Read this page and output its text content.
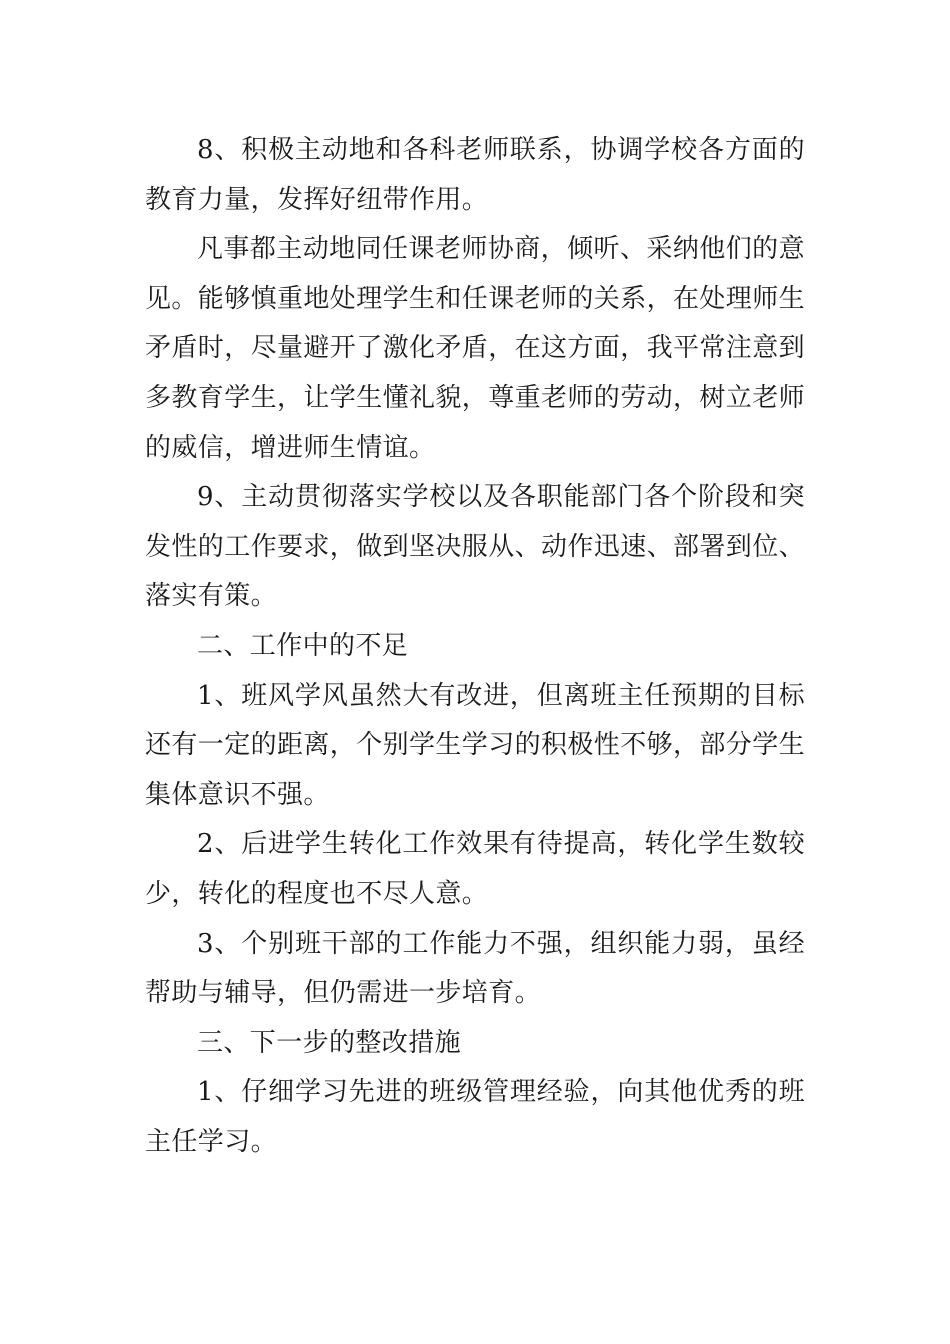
8、积极主动地和各科老师联系，协调学校各方面的教育力量，发挥好纽带作用。

凡事都主动地同任课老师协商，倾听、采纳他们的意见。能够慎重地处理学生和任课老师的关系，在处理师生矛盾时，尽量避开了激化矛盾，在这方面，我平常注意到多教育学生，让学生懂礼貌，尊重老师的劳动，树立老师的威信，增进师生情谊。

9、主动贯彻落实学校以及各职能部门各个阶段和突发性的工作要求，做到坚决服从、动作迅速、部署到位、落实有策。

二、工作中的不足

1、班风学风虽然大有改进，但离班主任预期的目标还有一定的距离，个别学生学习的积极性不够，部分学生集体意识不强。

2、后进学生转化工作效果有待提高，转化学生数较少，转化的程度也不尽人意。

3、个别班干部的工作能力不强，组织能力弱，虽经帮助与辅导，但仍需进一步培育。

三、下一步的整改措施

1、仔细学习先进的班级管理经验，向其他优秀的班主任学习。
